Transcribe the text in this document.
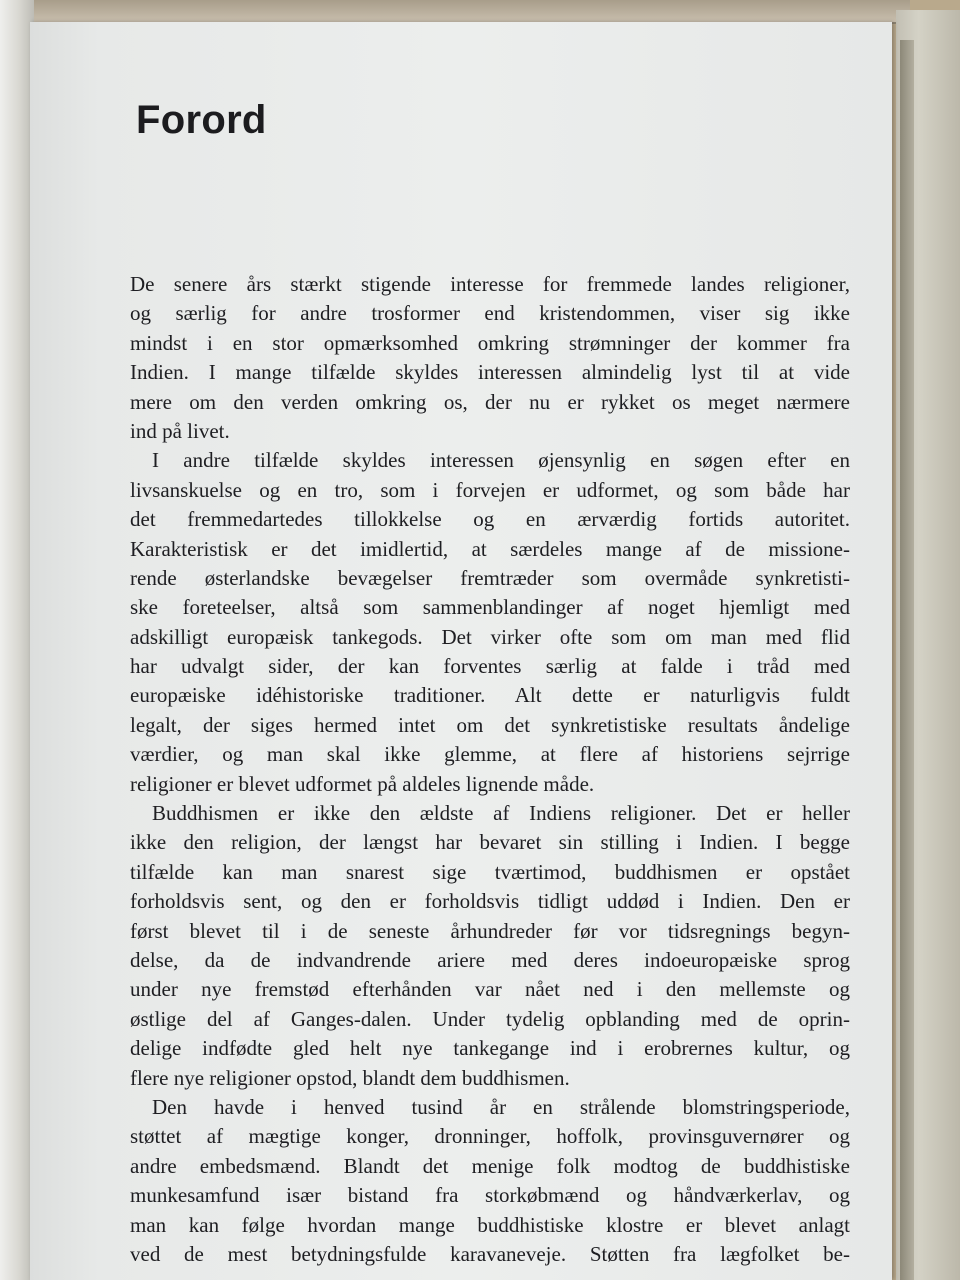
Forord

De senere års stærkt stigende interesse for fremmede landes religioner,

og særlig for andre trosformer end kristendommen, viser sig ikke

mindst i en stor opmærksomhed omkring strømninger der kommer fra

Indien. I mange tilfælde skyldes interessen almindelig lyst til at vide

mere om den verden omkring os, der nu er rykket os meget nærmere

ind på livet.

I andre tilfælde skyldes interessen øjensynlig en søgen efter en

livsanskuelse og en tro, som i forvejen er udformet, og som både har

det fremmedartedes tillokkelse og en ærværdig fortids autoritet.

Karakteristisk er det imidlertid, at særdeles mange af de missione-

rende østerlandske bevægelser fremtræder som overmåde synkretisti-

ske foreteelser, altså som sammenblandinger af noget hjemligt med

adskilligt europæisk tankegods. Det virker ofte som om man med flid

har udvalgt sider, der kan forventes særlig at falde i tråd med

europæiske idéhistoriske traditioner. Alt dette er naturligvis fuldt

legalt, der siges hermed intet om det synkretistiske resultats åndelige

værdier, og man skal ikke glemme, at flere af historiens sejrrige

religioner er blevet udformet på aldeles lignende måde.

Buddhismen er ikke den ældste af Indiens religioner. Det er heller

ikke den religion, der længst har bevaret sin stilling i Indien. I begge

tilfælde kan man snarest sige tværtimod, buddhismen er opstået

forholdsvis sent, og den er forholdsvis tidligt uddød i Indien. Den er

først blevet til i de seneste århundreder før vor tidsregnings begyn-

delse, da de indvandrende ariere med deres indoeuropæiske sprog

under nye fremstød efterhånden var nået ned i den mellemste og

østlige del af Ganges-dalen. Under tydelig opblanding med de oprin-

delige indfødte gled helt nye tankegange ind i erobrernes kultur, og

flere nye religioner opstod, blandt dem buddhismen.

Den havde i henved tusind år en strålende blomstringsperiode,

støttet af mægtige konger, dronninger, hoffolk, provinsguvernører og

andre embedsmænd. Blandt det menige folk modtog de buddhistiske

munkesamfund især bistand fra storkøbmænd og håndværkerlav, og

man kan følge hvordan mange buddhistiske klostre er blevet anlagt

ved de mest betydningsfulde karavaneveje. Støtten fra lægfolket be-
